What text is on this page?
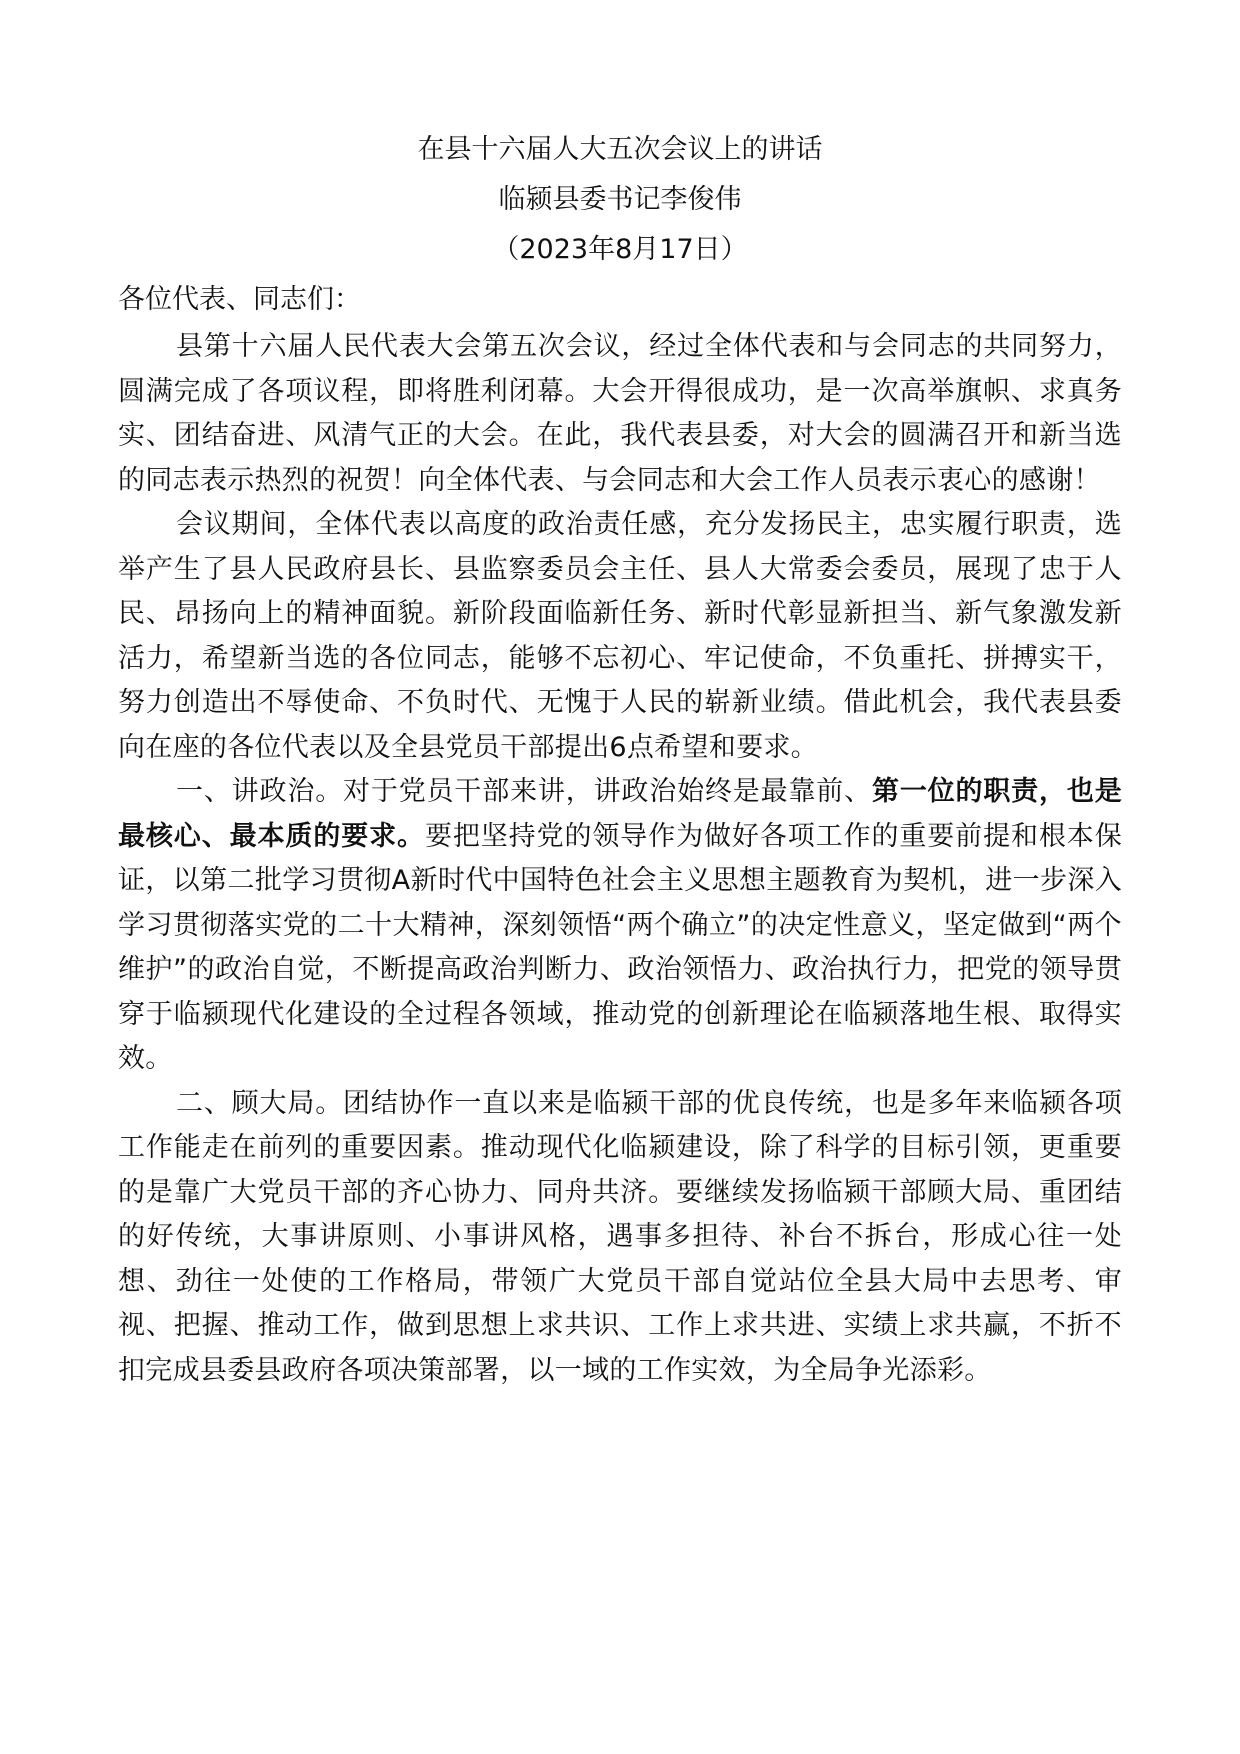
在县十六届人大五次会议上的讲话

临颍县委书记李俊伟

（2023年8月17日）

各位代表、同志们：

县第十六届人民代表大会第五次会议，经过全体代表和与会同志的共同努力，圆满完成了各项议程，即将胜利闭幕。大会开得很成功，是一次高举旗帜、求真务实、团结奋进、风清气正的大会。在此，我代表县委，对大会的圆满召开和新当选的同志表示热烈的祝贺！向全体代表、与会同志和大会工作人员表示衷心的感谢！

会议期间，全体代表以高度的政治责任感，充分发扬民主，忠实履行职责，选举产生了县人民政府县长、县监察委员会主任、县人大常委会委员，展现了忠于人民、昂扬向上的精神面貌。新阶段面临新任务、新时代彰显新担当、新气象激发新活力，希望新当选的各位同志，能够不忘初心、牢记使命，不负重托、拼搏实干，努力创造出不辱使命、不负时代、无愧于人民的崭新业绩。借此机会，我代表县委向在座的各位代表以及全县党员干部提出6点希望和要求。

一、讲政治。对于党员干部来讲，讲政治始终是最靠前、第一位的职责，也是最核心、最本质的要求。要把坚持党的领导作为做好各项工作的重要前提和根本保证，以第二批学习贯彻A新时代中国特色社会主义思想主题教育为契机，进一步深入学习贯彻落实党的二十大精神，深刻领悟“两个确立”的决定性意义，坚定做到“两个维护”的政治自觉，不断提高政治判断力、政治领悟力、政治执行力，把党的领导贯穿于临颍现代化建设的全过程各领域，推动党的创新理论在临颍落地生根、取得实效。

二、顾大局。团结协作一直以来是临颍干部的优良传统，也是多年来临颍各项工作能走在前列的重要因素。推动现代化临颍建设，除了科学的目标引领，更重要的是靠广大党员干部的齐心协力、同舟共济。要继续发扬临颍干部顾大局、重团结的好传统，大事讲原则、小事讲风格，遇事多担待、补台不拆台，形成心往一处想、劲往一处使的工作格局，带领广大党员干部自觉站位全县大局中去思考、审视、把握、推动工作，做到思想上求共识、工作上求共进、实绩上求共赢，不折不扣完成县委县政府各项决策部署，以一域的工作实效，为全局争光添彩。
